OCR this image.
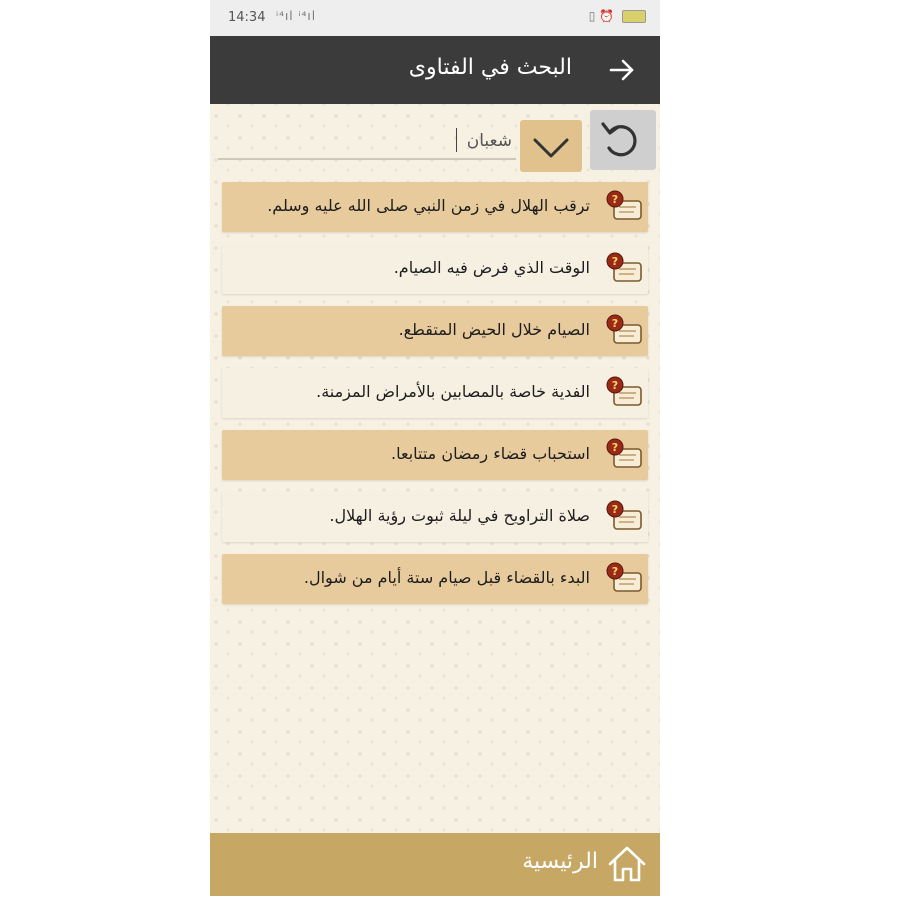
14:34 ⁱ⁴ıl ⁱ⁴ıl	▯ ⏰
البحث في الفتاوى
شعبان
?
ترقب الهلال في زمن النبي صلى الله عليه وسلم.
?
الوقت الذي فرض فيه الصيام.
?
الصيام خلال الحيض المتقطع.
?
الفدية خاصة بالمصابين بالأمراض المزمنة.
?
استحباب قضاء رمضان متتابعا.
?
صلاة التراويح في ليلة ثبوت رؤية الهلال.
?
البدء بالقضاء قبل صيام ستة أيام من شوال.
الرئيسية
